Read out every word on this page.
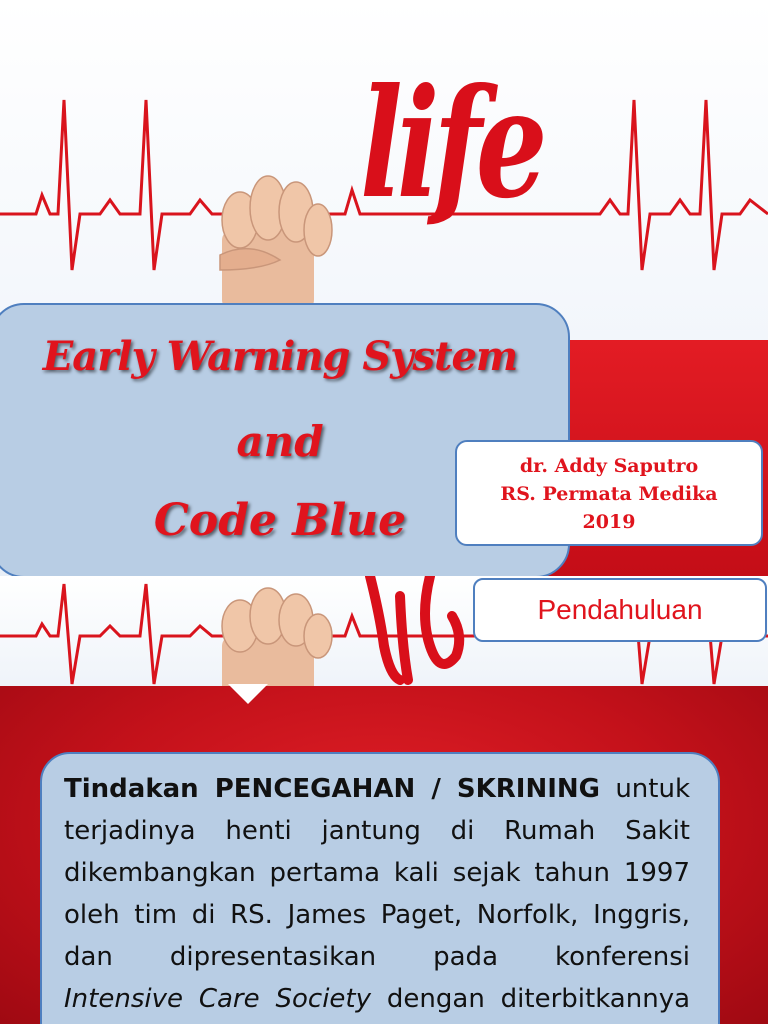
life
Early Warning System
and
Code Blue
dr. Addy Saputro
RS. Permata Medika
2019
Pendahuluan
Tindakan PENCEGAHAN / SKRINING untuk
terjadinya henti jantung di Rumah Sakit
dikembangkan pertama kali sejak tahun 1997
oleh tim di RS. James Paget, Norfolk, Inggris,
dan dipresentasikan pada konferensi
Intensive Care Society dengan diterbitkannya
